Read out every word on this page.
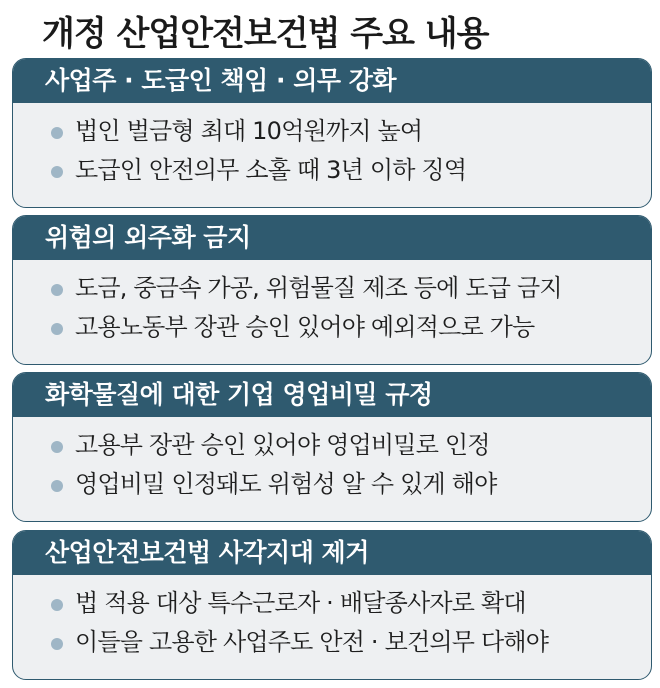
개정 산업안전보건법 주요 내용
사업주 · 도급인 책임 · 의무 강화
법인 벌금형 최대 10억원까지 높여
도급인 안전의무 소홀 때 3년 이하 징역
위험의 외주화 금지
도금, 중금속 가공, 위험물질 제조 등에 도급 금지
고용노동부 장관 승인 있어야 예외적으로 가능
화학물질에 대한 기업 영업비밀 규정
고용부 장관 승인 있어야 영업비밀로 인정
영업비밀 인정돼도 위험성 알 수 있게 해야
산업안전보건법 사각지대 제거
법 적용 대상 특수근로자 · 배달종사자로 확대
이들을 고용한 사업주도 안전 · 보건의무 다해야
